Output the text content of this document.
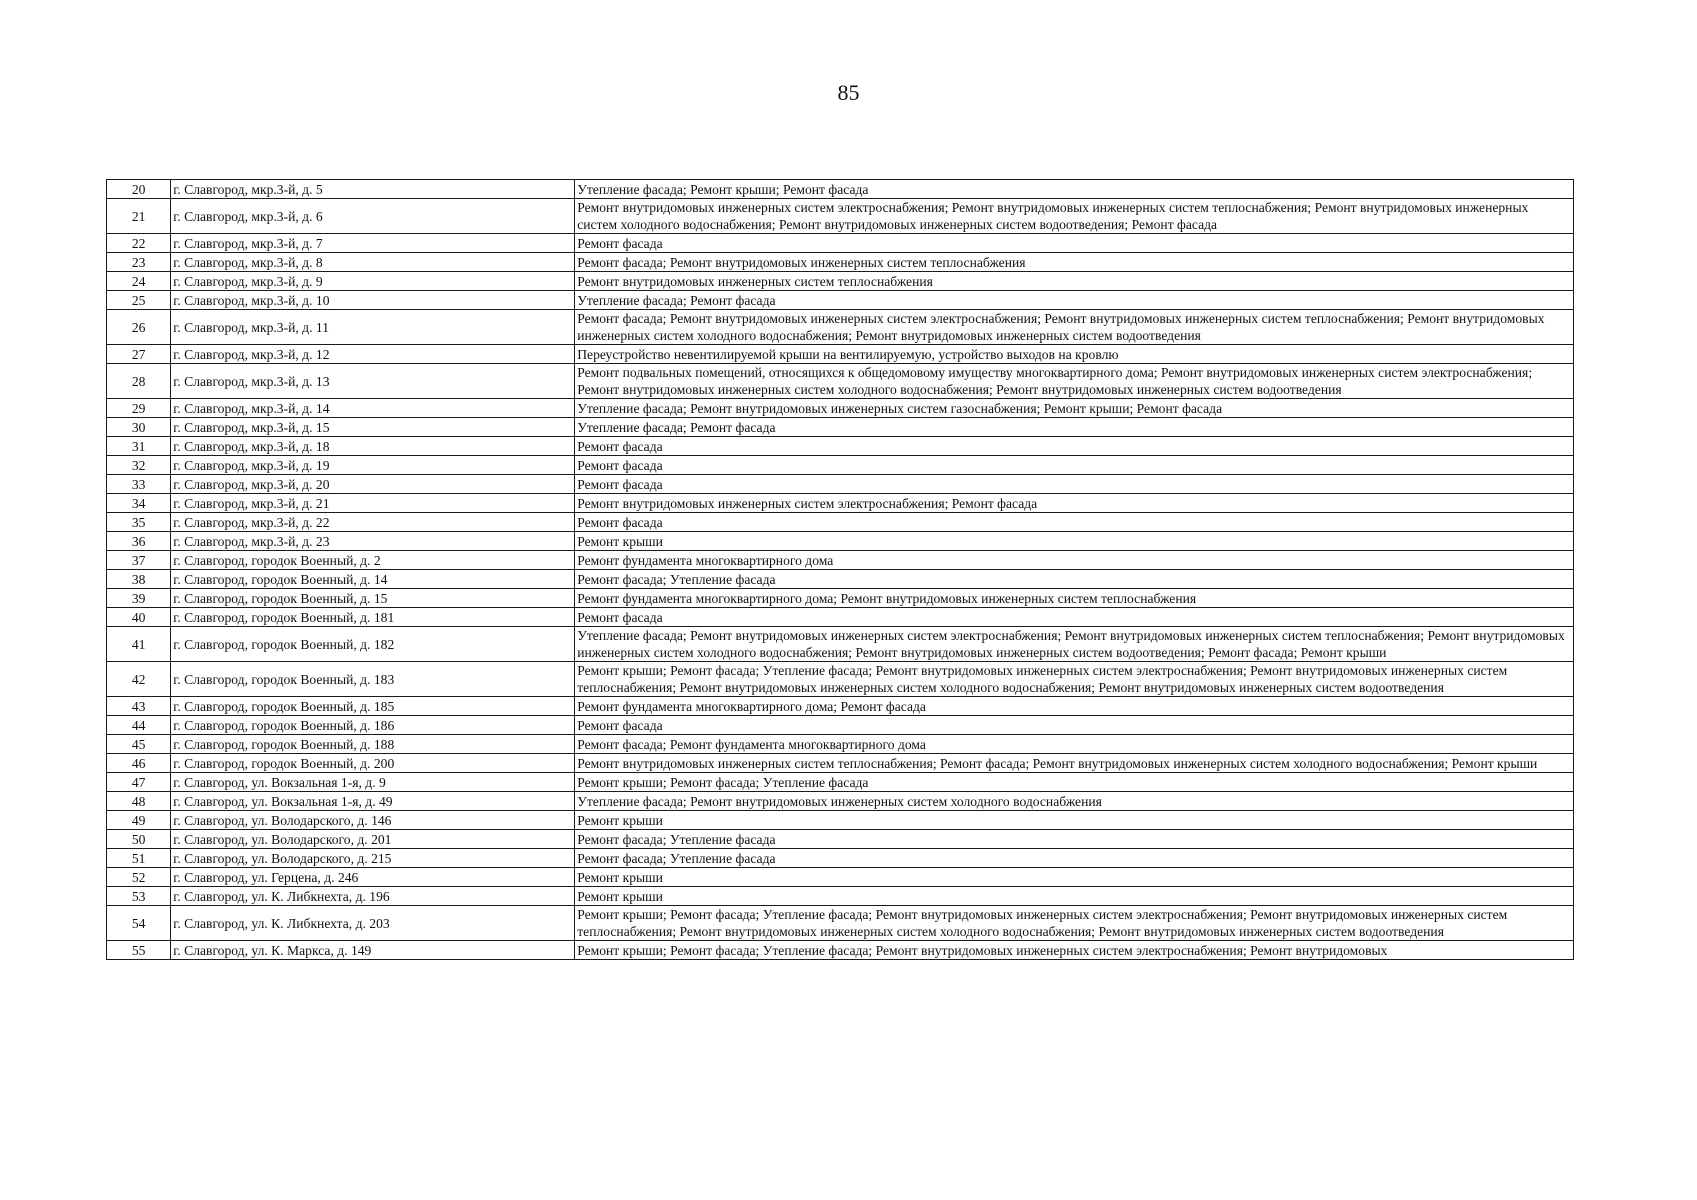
85
20	г. Славгород, мкр.3-й, д. 5	Утепление фасада; Ремонт крыши; Ремонт фасада
21	г. Славгород, мкр.3-й, д. 6	Ремонт внутридомовых инженерных систем электроснабжения; Ремонт внутридомовых инженерных систем теплоснабжения; Ремонт внутридомовых инженерных систем холодного водоснабжения; Ремонт внутридомовых инженерных систем водоотведения; Ремонт фасада
22	г. Славгород, мкр.3-й, д. 7	Ремонт фасада
23	г. Славгород, мкр.3-й, д. 8	Ремонт фасада; Ремонт внутридомовых инженерных систем теплоснабжения
24	г. Славгород, мкр.3-й, д. 9	Ремонт внутридомовых инженерных систем теплоснабжения
25	г. Славгород, мкр.3-й, д. 10	Утепление фасада; Ремонт фасада
26	г. Славгород, мкр.3-й, д. 11	Ремонт фасада; Ремонт внутридомовых инженерных систем электроснабжения; Ремонт внутридомовых инженерных систем теплоснабжения; Ремонт внутридомовых инженерных систем холодного водоснабжения; Ремонт внутридомовых инженерных систем водоотведения
27	г. Славгород, мкр.3-й, д. 12	Переустройство невентилируемой крыши на вентилируемую, устройство выходов на кровлю
28	г. Славгород, мкр.3-й, д. 13	Ремонт подвальных помещений, относящихся к общедомовому имуществу многоквартирного дома; Ремонт внутридомовых инженерных систем электроснабжения; Ремонт внутридомовых инженерных систем холодного водоснабжения; Ремонт внутридомовых инженерных систем водоотведения
29	г. Славгород, мкр.3-й, д. 14	Утепление фасада; Ремонт внутридомовых инженерных систем газоснабжения; Ремонт крыши; Ремонт фасада
30	г. Славгород, мкр.3-й, д. 15	Утепление фасада; Ремонт фасада
31	г. Славгород, мкр.3-й, д. 18	Ремонт фасада
32	г. Славгород, мкр.3-й, д. 19	Ремонт фасада
33	г. Славгород, мкр.3-й, д. 20	Ремонт фасада
34	г. Славгород, мкр.3-й, д. 21	Ремонт внутридомовых инженерных систем электроснабжения; Ремонт фасада
35	г. Славгород, мкр.3-й, д. 22	Ремонт фасада
36	г. Славгород, мкр.3-й, д. 23	Ремонт крыши
37	г. Славгород, городок Военный, д. 2	Ремонт фундамента многоквартирного дома
38	г. Славгород, городок Военный, д. 14	Ремонт фасада; Утепление фасада
39	г. Славгород, городок Военный, д. 15	Ремонт фундамента многоквартирного дома; Ремонт внутридомовых инженерных систем теплоснабжения
40	г. Славгород, городок Военный, д. 181	Ремонт фасада
41	г. Славгород, городок Военный, д. 182	Утепление фасада; Ремонт внутридомовых инженерных систем электроснабжения; Ремонт внутридомовых инженерных систем теплоснабжения; Ремонт внутридомовых инженерных систем холодного водоснабжения; Ремонт внутридомовых инженерных систем водоотведения; Ремонт фасада; Ремонт крыши
42	г. Славгород, городок Военный, д. 183	Ремонт крыши; Ремонт фасада; Утепление фасада; Ремонт внутридомовых инженерных систем электроснабжения; Ремонт внутридомовых инженерных систем теплоснабжения; Ремонт внутридомовых инженерных систем холодного водоснабжения; Ремонт внутридомовых инженерных систем водоотведения
43	г. Славгород, городок Военный, д. 185	Ремонт фундамента многоквартирного дома; Ремонт фасада
44	г. Славгород, городок Военный, д. 186	Ремонт фасада
45	г. Славгород, городок Военный, д. 188	Ремонт фасада; Ремонт фундамента многоквартирного дома
46	г. Славгород, городок Военный, д. 200	Ремонт внутридомовых инженерных систем теплоснабжения; Ремонт фасада; Ремонт внутридомовых инженерных систем холодного водоснабжения; Ремонт крыши
47	г. Славгород, ул. Вокзальная 1-я, д. 9	Ремонт крыши; Ремонт фасада; Утепление фасада
48	г. Славгород, ул. Вокзальная 1-я, д. 49	Утепление фасада; Ремонт внутридомовых инженерных систем холодного водоснабжения
49	г. Славгород, ул. Володарского, д. 146	Ремонт крыши
50	г. Славгород, ул. Володарского, д. 201	Ремонт фасада; Утепление фасада
51	г. Славгород, ул. Володарского, д. 215	Ремонт фасада; Утепление фасада
52	г. Славгород, ул. Герцена, д. 246	Ремонт крыши
53	г. Славгород, ул. К. Либкнехта, д. 196	Ремонт крыши
54	г. Славгород, ул. К. Либкнехта, д. 203	Ремонт крыши; Ремонт фасада; Утепление фасада; Ремонт внутридомовых инженерных систем электроснабжения; Ремонт внутридомовых инженерных систем теплоснабжения; Ремонт внутридомовых инженерных систем холодного водоснабжения; Ремонт внутридомовых инженерных систем водоотведения
55	г. Славгород, ул. К. Маркса, д. 149	Ремонт крыши; Ремонт фасада; Утепление фасада; Ремонт внутридомовых инженерных систем электроснабжения; Ремонт внутридомовых
